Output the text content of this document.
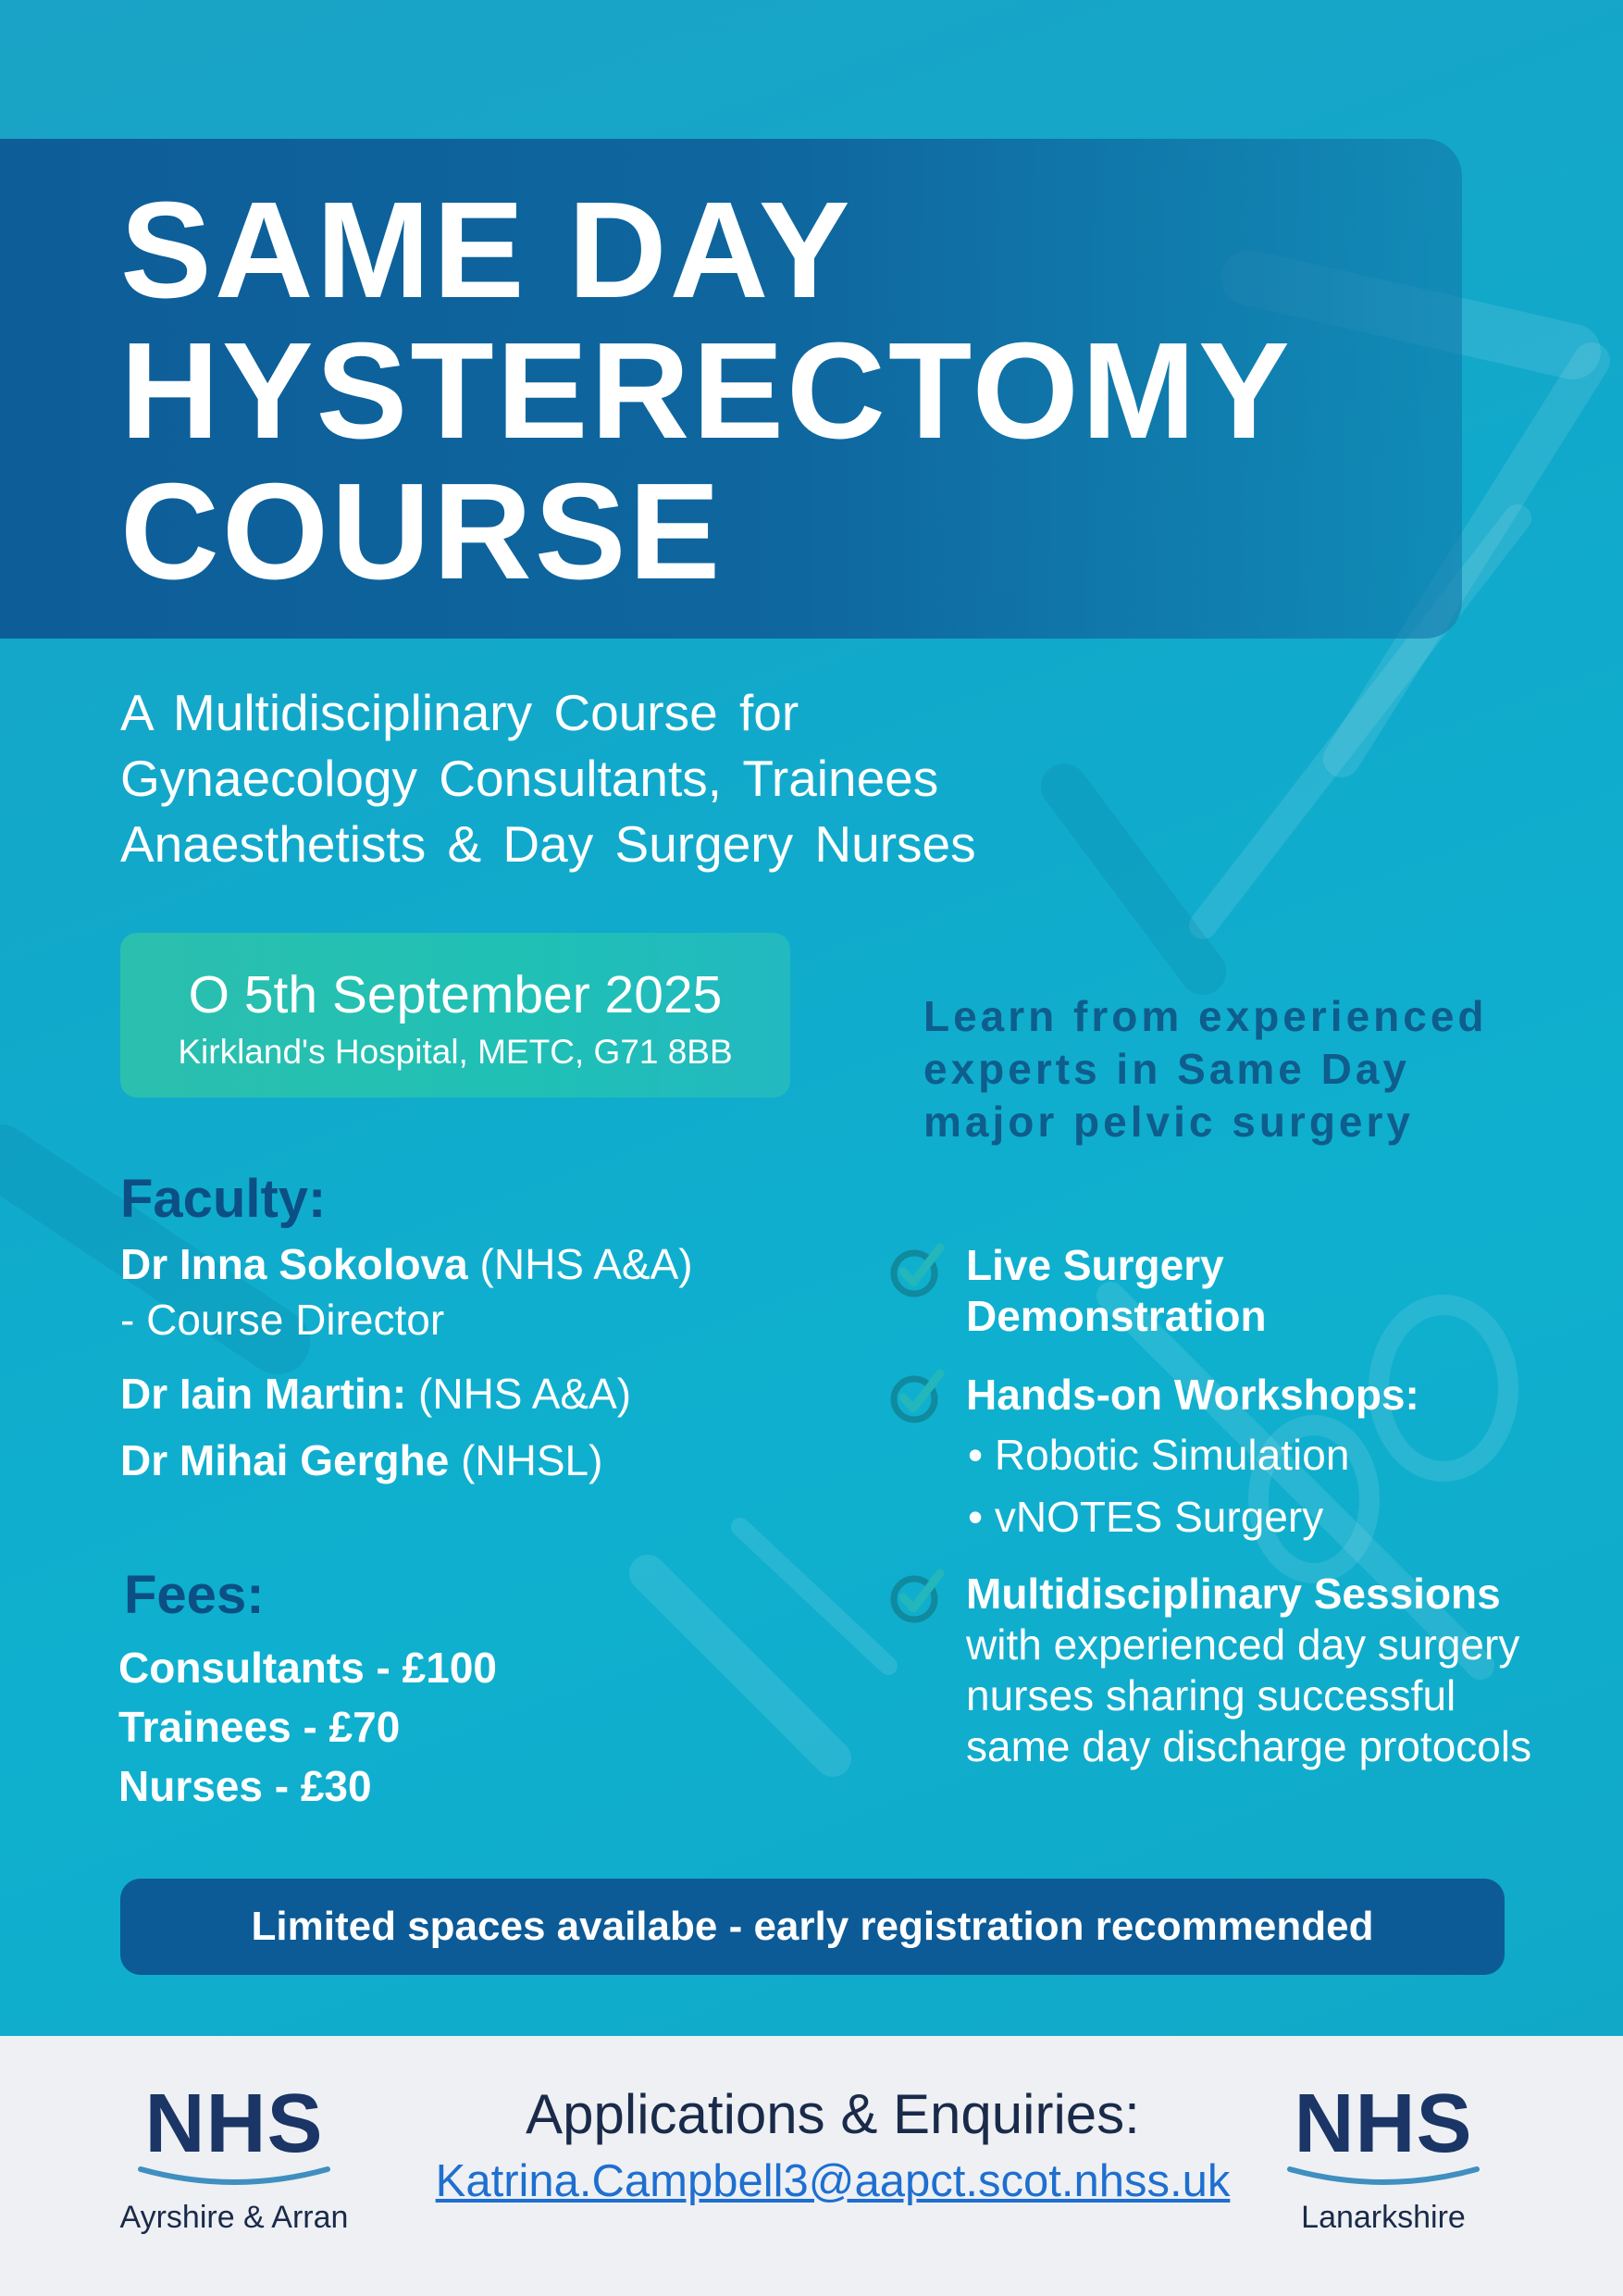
SAME DAY
HYSTERECTOMY
COURSE
A Multidisciplinary Course for
Gynaecology Consultants, Trainees
Anaesthetists & Day Surgery Nurses
O 5th September 2025
Kirkland's Hospital, METC, G71 8BB
Learn from experienced
experts in Same Day
major pelvic surgery
Faculty:
Dr Inna Sokolova (NHS A&A)
- Course Director
Dr Iain Martin: (NHS A&A)
Dr Mihai Gerghe (NHSL)
Fees:
Consultants - £100
Trainees - £70
Nurses - £30
Live Surgery
Demonstration
Hands-on Workshops:
• Robotic Simulation
• vNOTES Surgery
Multidisciplinary Sessions
with experienced day surgery
nurses sharing successful
same day discharge protocols
Limited spaces availabe - early registration recommended
NHS
Ayrshire & Arran
Applications & Enquiries:
Katrina.Campbell3@aapct.scot.nhss.uk
NHS
Lanarkshire
